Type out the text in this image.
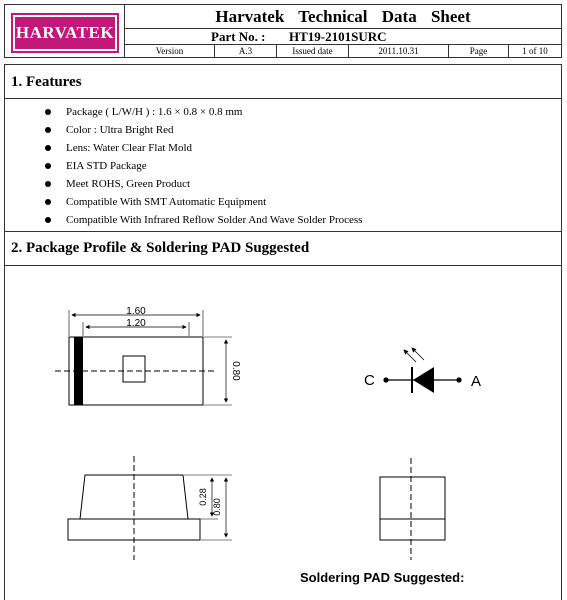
HARVATEK
Harvatek Technical Data Sheet
Part No. : HT19-2101SURC
Version	A.3	Issued date	2011.10.31	Page	1 of 10
1. Features
Package ( L/W/H ) : 1.6 × 0.8 × 0.8 mm
Color : Ultra Bright Red
Lens: Water Clear Flat Mold
EIA STD Package
Meet ROHS, Green Product
Compatible With SMT Automatic Equipment
Compatible With Infrared Reflow Solder And Wave Solder Process
2. Package Profile & Soldering PAD Suggested
1.60
1.20
0.80	C	A
0.28
0.80
Soldering PAD Suggested:
